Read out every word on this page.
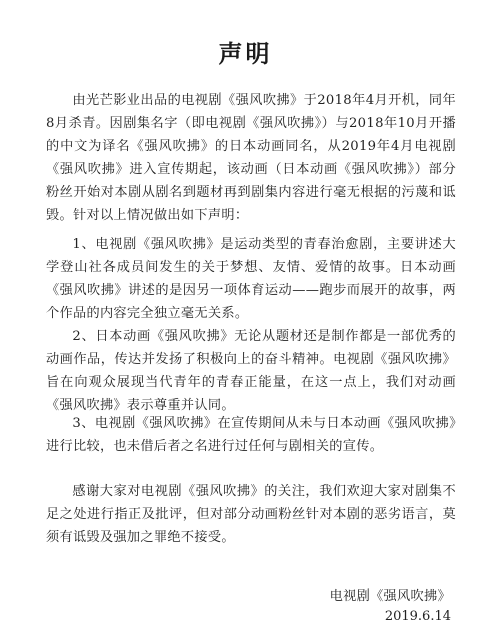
声明

由光芒影业出品的电视剧《强风吹拂》于2018年4月开机，同年8月杀青。因剧集名字（即电视剧《强风吹拂》）与2018年10月开播的中文为译名《强风吹拂》的日本动画同名，从2019年4月电视剧《强风吹拂》进入宣传期起，该动画（日本动画《强风吹拂》）部分粉丝开始对本剧从剧名到题材再到剧集内容进行毫无根据的污蔑和诋毁。针对以上情况做出如下声明：

1、电视剧《强风吹拂》是运动类型的青春治愈剧，主要讲述大学登山社各成员间发生的关于梦想、友情、爱情的故事。日本动画《强风吹拂》讲述的是因另一项体育运动——跑步而展开的故事，两个作品的内容完全独立毫无关系。

2、日本动画《强风吹拂》无论从题材还是制作都是一部优秀的动画作品，传达并发扬了积极向上的奋斗精神。电视剧《强风吹拂》旨在向观众展现当代青年的青春正能量，在这一点上，我们对动画《强风吹拂》表示尊重并认同。

3、电视剧《强风吹拂》在宣传期间从未与日本动画《强风吹拂》进行比较，也未借后者之名进行过任何与剧相关的宣传。

感谢大家对电视剧《强风吹拂》的关注，我们欢迎大家对剧集不足之处进行指正及批评，但对部分动画粉丝针对本剧的恶劣语言，莫须有诋毁及强加之罪绝不接受。

电视剧《强风吹拂》
2019.6.14
